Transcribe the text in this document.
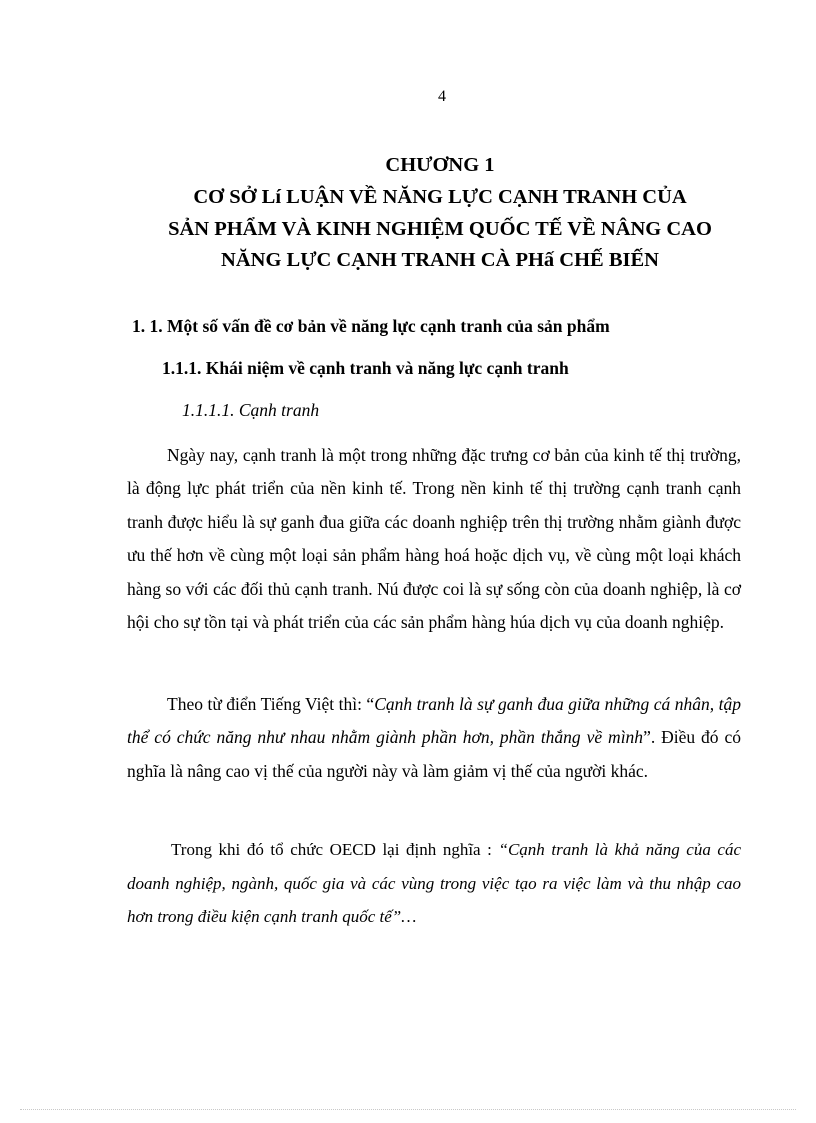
4
CHƯƠNG 1
CƠ SỞ Lí LUẬN VỀ NĂNG LỰC CẠNH TRANH CỦA
SẢN PHẨM VÀ KINH NGHIỆM QUỐC TẾ VỀ NÂNG CAO
NĂNG LỰC CẠNH TRANH CÀ PHấ CHẾ BIẾN
1. 1. Một số vấn đề cơ bản về năng lực cạnh tranh của sản phẩm
1.1.1. Khái niệm về cạnh tranh và năng lực cạnh tranh
1.1.1.1. Cạnh tranh

Ngày nay, cạnh tranh là một trong những đặc trưng cơ bản của kinh tế thị trường, là động lực phát triển của nền kinh tế. Trong nền kinh tế thị trường cạnh tranh cạnh tranh được hiểu là sự ganh đua giữa các doanh nghiệp trên thị trường nhằm giành được ưu thế hơn về cùng một loại sản phẩm hàng hoá hoặc dịch vụ, về cùng một loại khách hàng so với các đối thủ cạnh tranh. Nú được coi là sự sống còn của doanh nghiệp, là cơ hội cho sự tồn tại và phát triển của các sản phẩm hàng húa dịch vụ của doanh nghiệp.

Theo từ điển Tiếng Việt thì: “Cạnh tranh là sự ganh đua giữa những cá nhân, tập thể có chức năng như nhau nhằm giành phần hơn, phần thắng về mình”. Điều đó có nghĩa là nâng cao vị thế của người này và làm giảm vị thế của người khác.

Trong khi đó tổ chức OECD lại định nghĩa : “Cạnh tranh là khả năng của các doanh nghiệp, ngành, quốc gia và các vùng trong việc tạo ra việc làm và thu nhập cao hơn trong điều kiện cạnh tranh quốc tế”…
